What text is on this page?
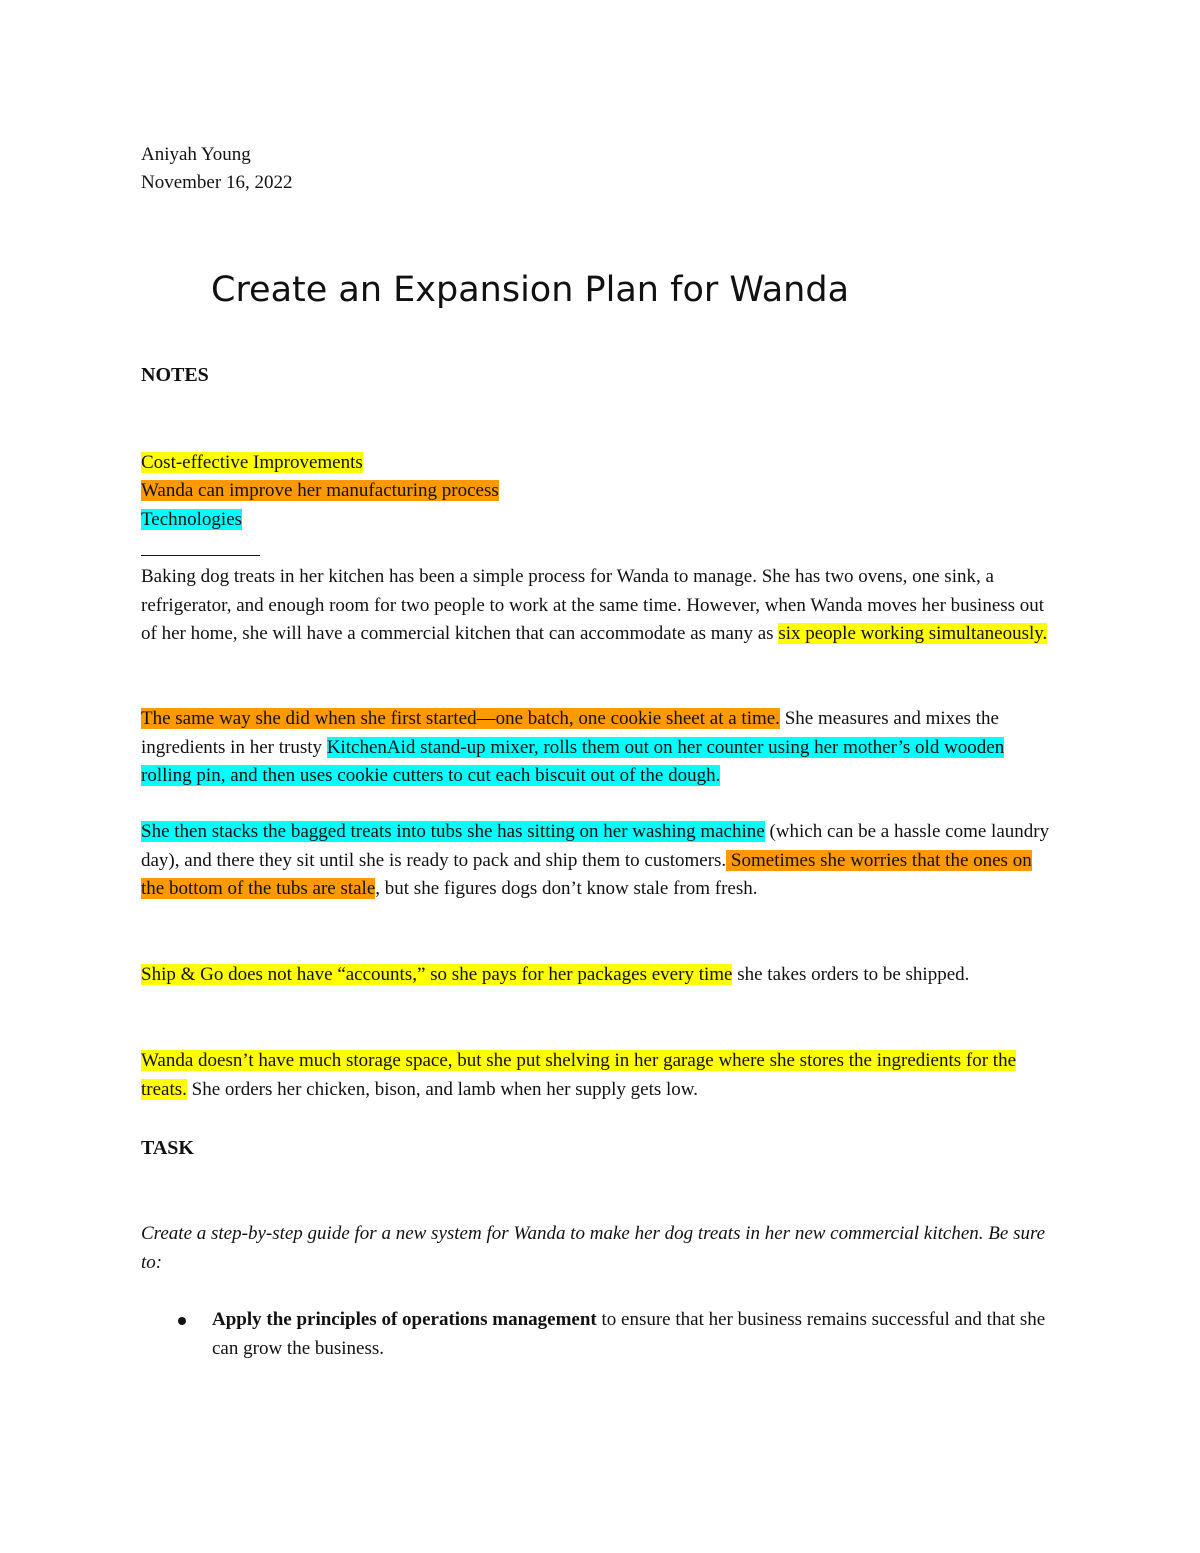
Aniyah Young
November 16, 2022
Create an Expansion Plan for Wanda
NOTES
Cost-effective Improvements
Wanda can improve her manufacturing process
Technologies

Baking dog treats in her kitchen has been a simple process for Wanda to manage. She has two ovens, one sink, a refrigerator, and enough room for two people to work at the same time. However, when Wanda moves her business out of her home, she will have a commercial kitchen that can accommodate as many as six people working simultaneously.

The same way she did when she first started—one batch, one cookie sheet at a time. She measures and mixes the ingredients in her trusty KitchenAid stand-up mixer, rolls them out on her counter using her mother’s old wooden rolling pin, and then uses cookie cutters to cut each biscuit out of the dough.

She then stacks the bagged treats into tubs she has sitting on her washing machine (which can be a hassle come laundry day), and there they sit until she is ready to pack and ship them to customers. Sometimes she worries that the ones on the bottom of the tubs are stale, but she figures dogs don’t know stale from fresh.

Ship & Go does not have “accounts,” so she pays for her packages every time she takes orders to be shipped.

Wanda doesn’t have much storage space, but she put shelving in her garage where she stores the ingredients for the treats. She orders her chicken, bison, and lamb when her supply gets low.

TASK

Create a step-by-step guide for a new system for Wanda to make her dog treats in her new commercial kitchen. Be sure to:

Apply the principles of operations management to ensure that her business remains successful and that she can grow the business.
